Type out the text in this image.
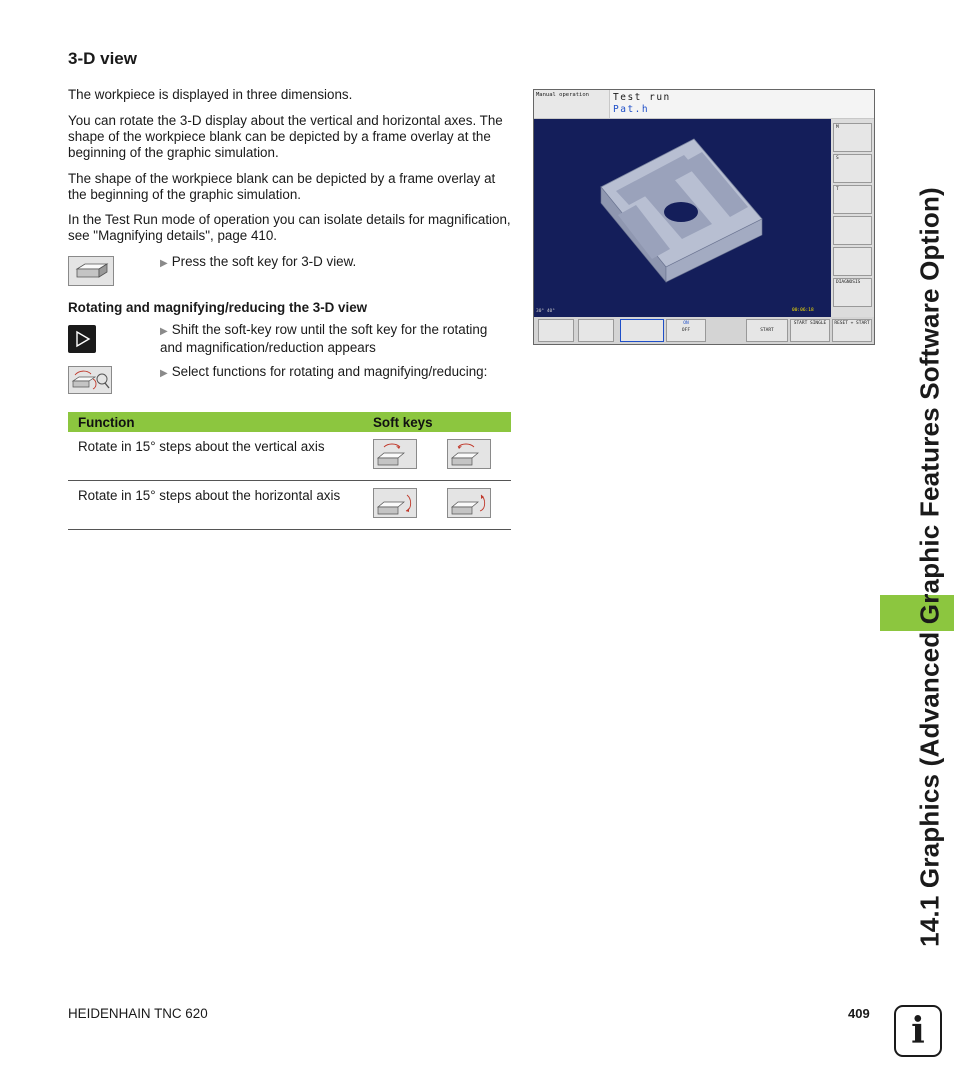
3-D view
The workpiece is displayed in three dimensions.
You can rotate the 3-D display about the vertical and horizontal axes. The shape of the workpiece blank can be depicted by a frame overlay at the beginning of the graphic simulation.
The shape of the workpiece blank can be depicted by a frame overlay at the beginning of the graphic simulation.
In the Test Run mode of operation you can isolate details for magnification, see "Magnifying details", page 410.
▶ Press the soft key for 3-D view.
Rotating and magnifying/reducing the 3-D view
▶ Shift the soft-key row until the soft key for the rotating and magnification/reduction appears
▶ Select functions for rotating and magnifying/reducing:
Function	Soft keys
Rotate in 15° steps about the vertical axis	
Rotate in 15° steps about the horizontal axis	
Manual operation	Test run
Pat.h
30° 40°	00:06:18
M
S
T
DIAGNOSIS
ON
OFF	START
START SINGLE	RESET + START 14.1 Graphics (Advanced Graphic Features Software Option)
HEIDENHAIN TNC 620	409 i
